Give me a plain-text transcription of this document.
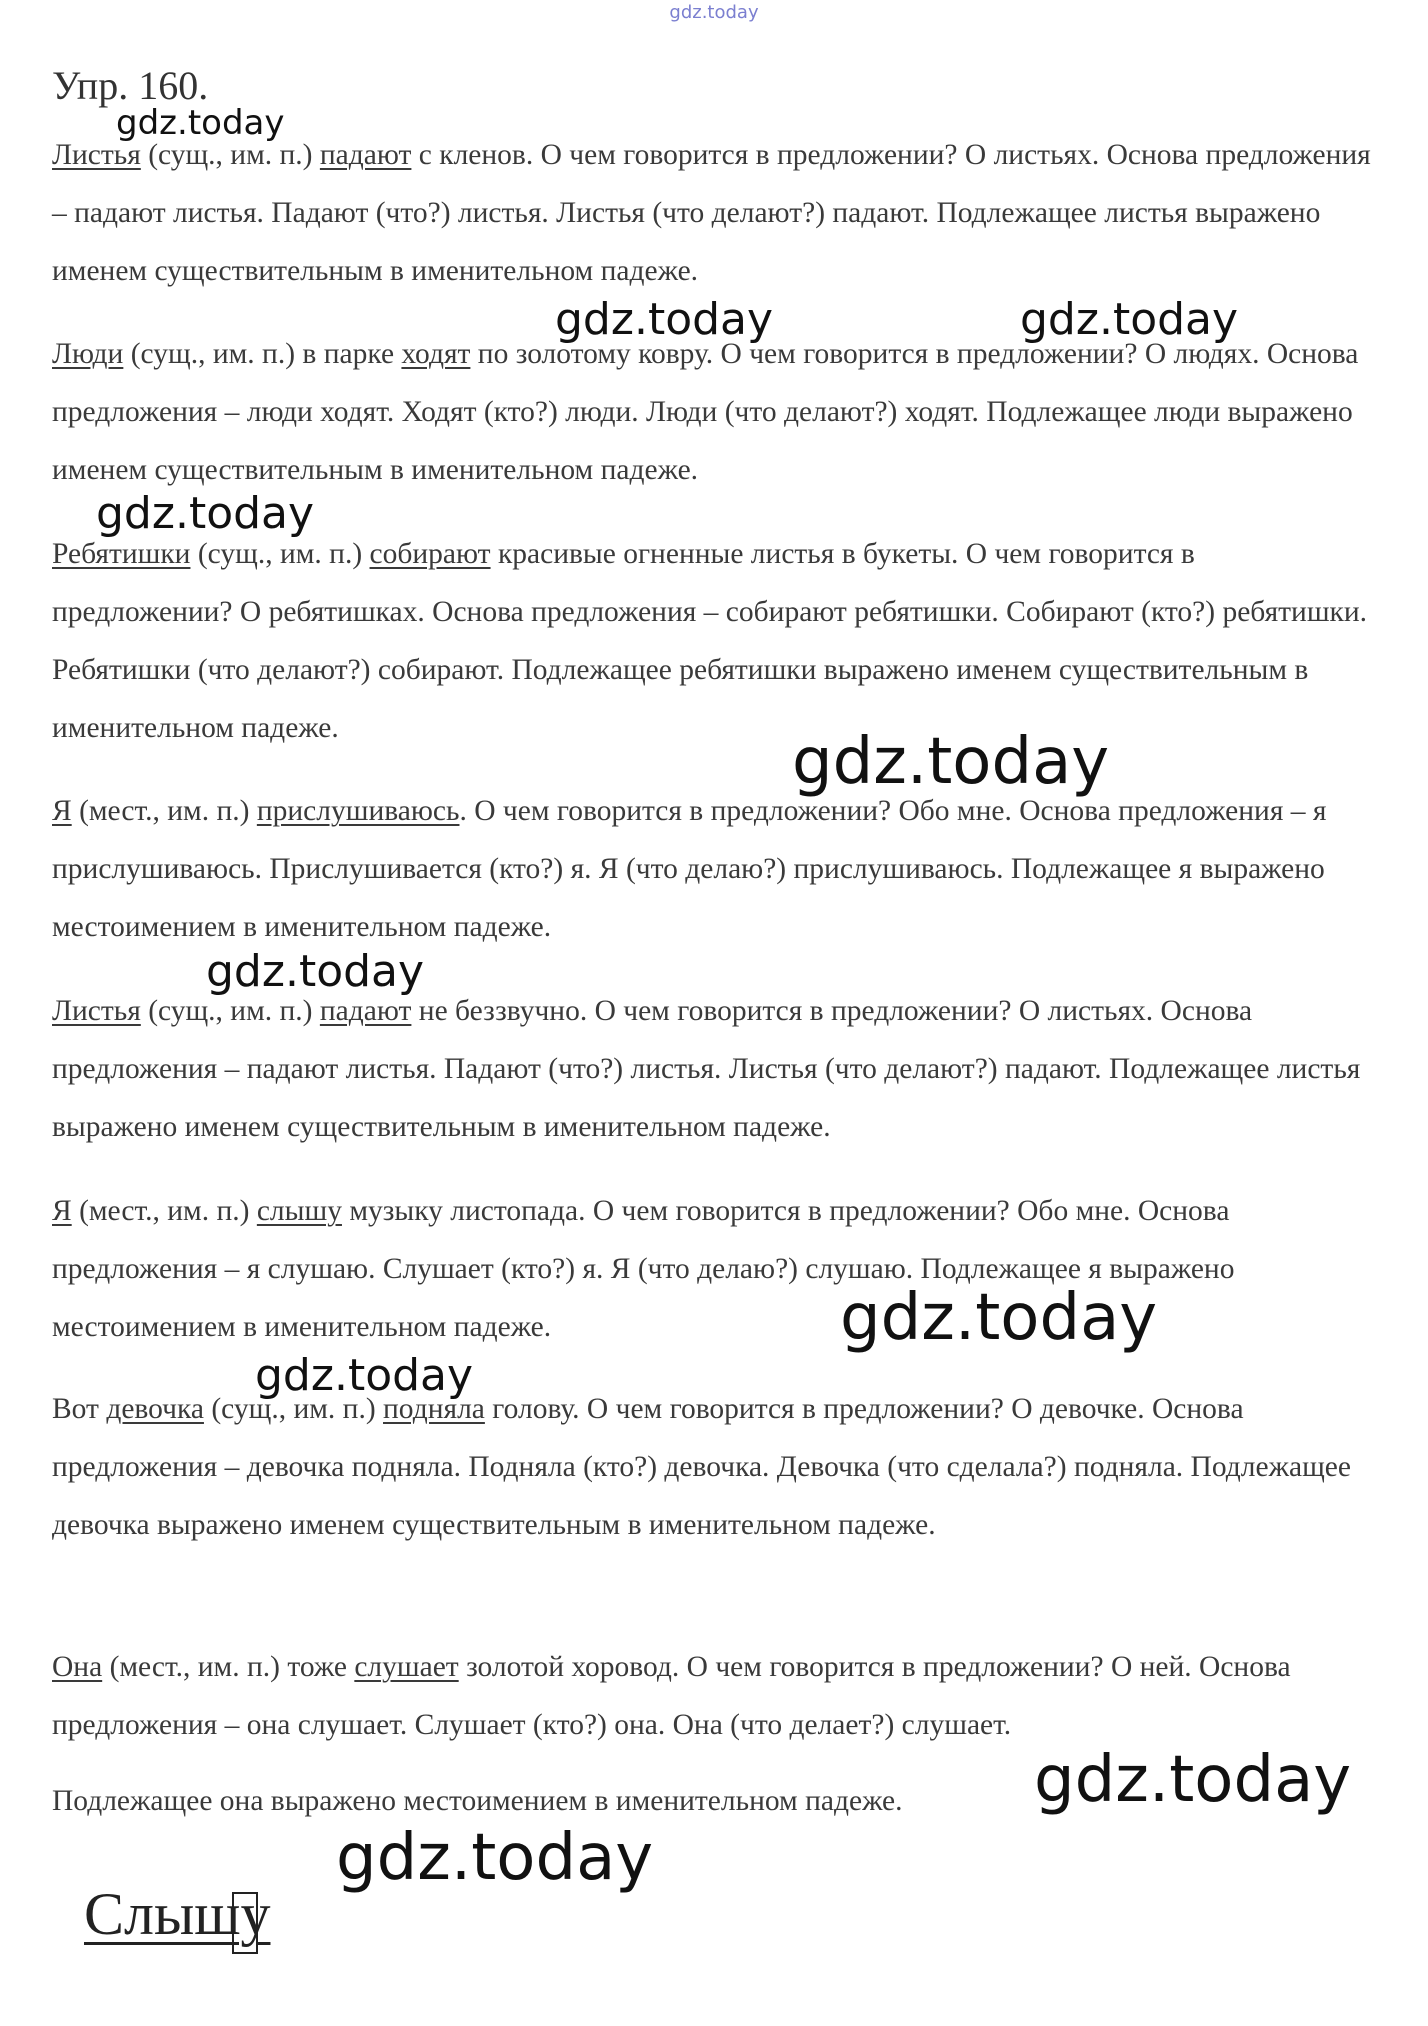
gdz.today
Упр. 160.

Листья (сущ., им. п.) падают с кленов. О чем говорится в предложении? О листьях. Основа предложения – падают листья. Падают (что?) листья. Листья (что делают?) падают. Подлежащее листья выражено именем существительным в именительном падеже.

Люди (сущ., им. п.) в парке ходят по золотому ковру. О чем говорится в предложении? О людях. Основа предложения – люди ходят. Ходят (кто?) люди. Люди (что делают?) ходят. Подлежащее люди выражено именем существительным в именительном падеже.

Ребятишки (сущ., им. п.) собирают красивые огненные листья в букеты. О чем говорится в предложении? О ребятишках. Основа предложения – собирают ребятишки. Собирают (кто?) ребятишки. Ребятишки (что делают?) собирают. Подлежащее ребятишки выражено именем существительным в именительном падеже.

Я (мест., им. п.) прислушиваюсь. О чем говорится в предложении? Обо мне. Основа предложения – я прислушиваюсь. Прислушивается (кто?) я. Я (что делаю?) прислушиваюсь. Подлежащее я выражено местоимением в именительном падеже.

Листья (сущ., им. п.) падают не беззвучно. О чем говорится в предложении? О листьях. Основа предложения – падают листья. Падают (что?) листья. Листья (что делают?) падают. Подлежащее листья выражено именем существительным в именительном падеже.

Я (мест., им. п.) слышу музыку листопада. О чем говорится в предложении? Обо мне. Основа предложения – я слушаю. Слушает (кто?) я. Я (что делаю?) слушаю. Подлежащее я выражено местоимением в именительном падеже.

Вот девочка (сущ., им. п.) подняла голову. О чем говорится в предложении? О девочке. Основа предложения – девочка подняла. Подняла (кто?) девочка. Девочка (что сделала?) подняла. Подлежащее девочка выражено именем существительным в именительном падеже.

Она (мест., им. п.) тоже слушает золотой хоровод. О чем говорится в предложении? О ней. Основа предложения – она слушает. Слушает (кто?) она. Она (что делает?) слушает.

Подлежащее она выражено местоимением в именительном падеже.

gdz.today
gdz.today	gdz.today
gdz.today
gdz.today
gdz.today
gdz.today
gdz.today
gdz.today
gdz.today
Слышу
